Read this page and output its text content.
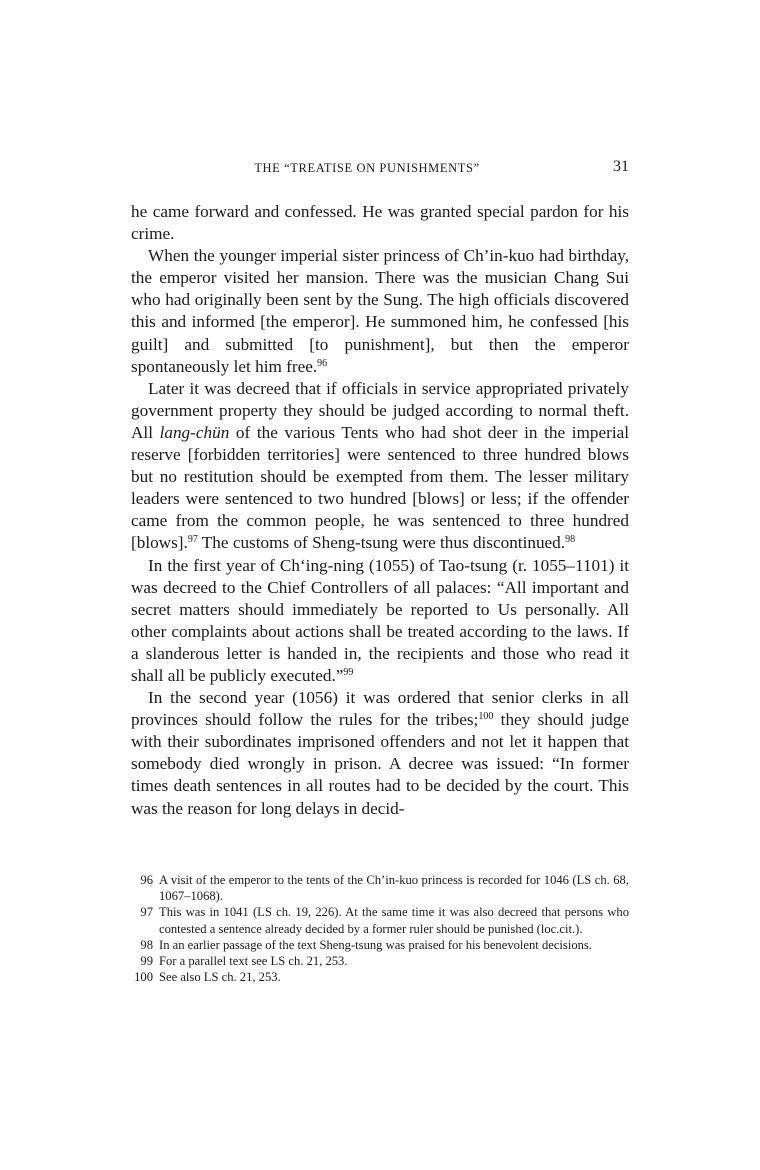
THE “TREATISE ON PUNISHMENTS”	31

he came forward and confessed. He was granted special pardon for his crime.

When the younger imperial sister princess of Ch’in-kuo had birthday, the emperor visited her mansion. There was the musician Chang Sui who had originally been sent by the Sung. The high officials discovered this and informed [the emperor]. He summoned him, he confessed [his guilt] and submitted [to punishment], but then the emperor spontaneously let him free.$^{96}$

Later it was decreed that if officials in service appropriated privately government property they should be judged according to normal theft. All lang-chün of the various Tents who had shot deer in the imperial reserve [forbidden territories] were sentenced to three hundred blows but no restitution should be exempted from them. The lesser military leaders were sentenced to two hundred [blows] or less; if the offender came from the common people, he was sentenced to three hundred [blows].$^{97}$ The customs of Sheng-tsung were thus discontinued.$^{98}$

In the first year of Ch‘ing-ning (1055) of Tao-tsung (r. 1055–1101) it was decreed to the Chief Controllers of all palaces: “All important and secret matters should immediately be reported to Us personally. All other complaints about actions shall be treated according to the laws. If a slanderous letter is handed in, the recipients and those who read it shall all be publicly executed.”$^{99}$

In the second year (1056) it was ordered that senior clerks in all provinces should follow the rules for the tribes;$^{100}$ they should judge with their subordinates imprisoned offenders and not let it happen that somebody died wrongly in prison. A decree was issued: “In former times death sentences in all routes had to be decided by the court. This was the reason for long delays in decid-

96 A visit of the emperor to the tents of the Ch’in-kuo princess is recorded for 1046 (LS ch. 68, 1067–1068).

97 This was in 1041 (LS ch. 19, 226). At the same time it was also decreed that persons who contested a sentence already decided by a former ruler should be punished (loc.cit.).

98 In an earlier passage of the text Sheng-tsung was praised for his benevolent decisions.

99 For a parallel text see LS ch. 21, 253.

100 See also LS ch. 21, 253.
